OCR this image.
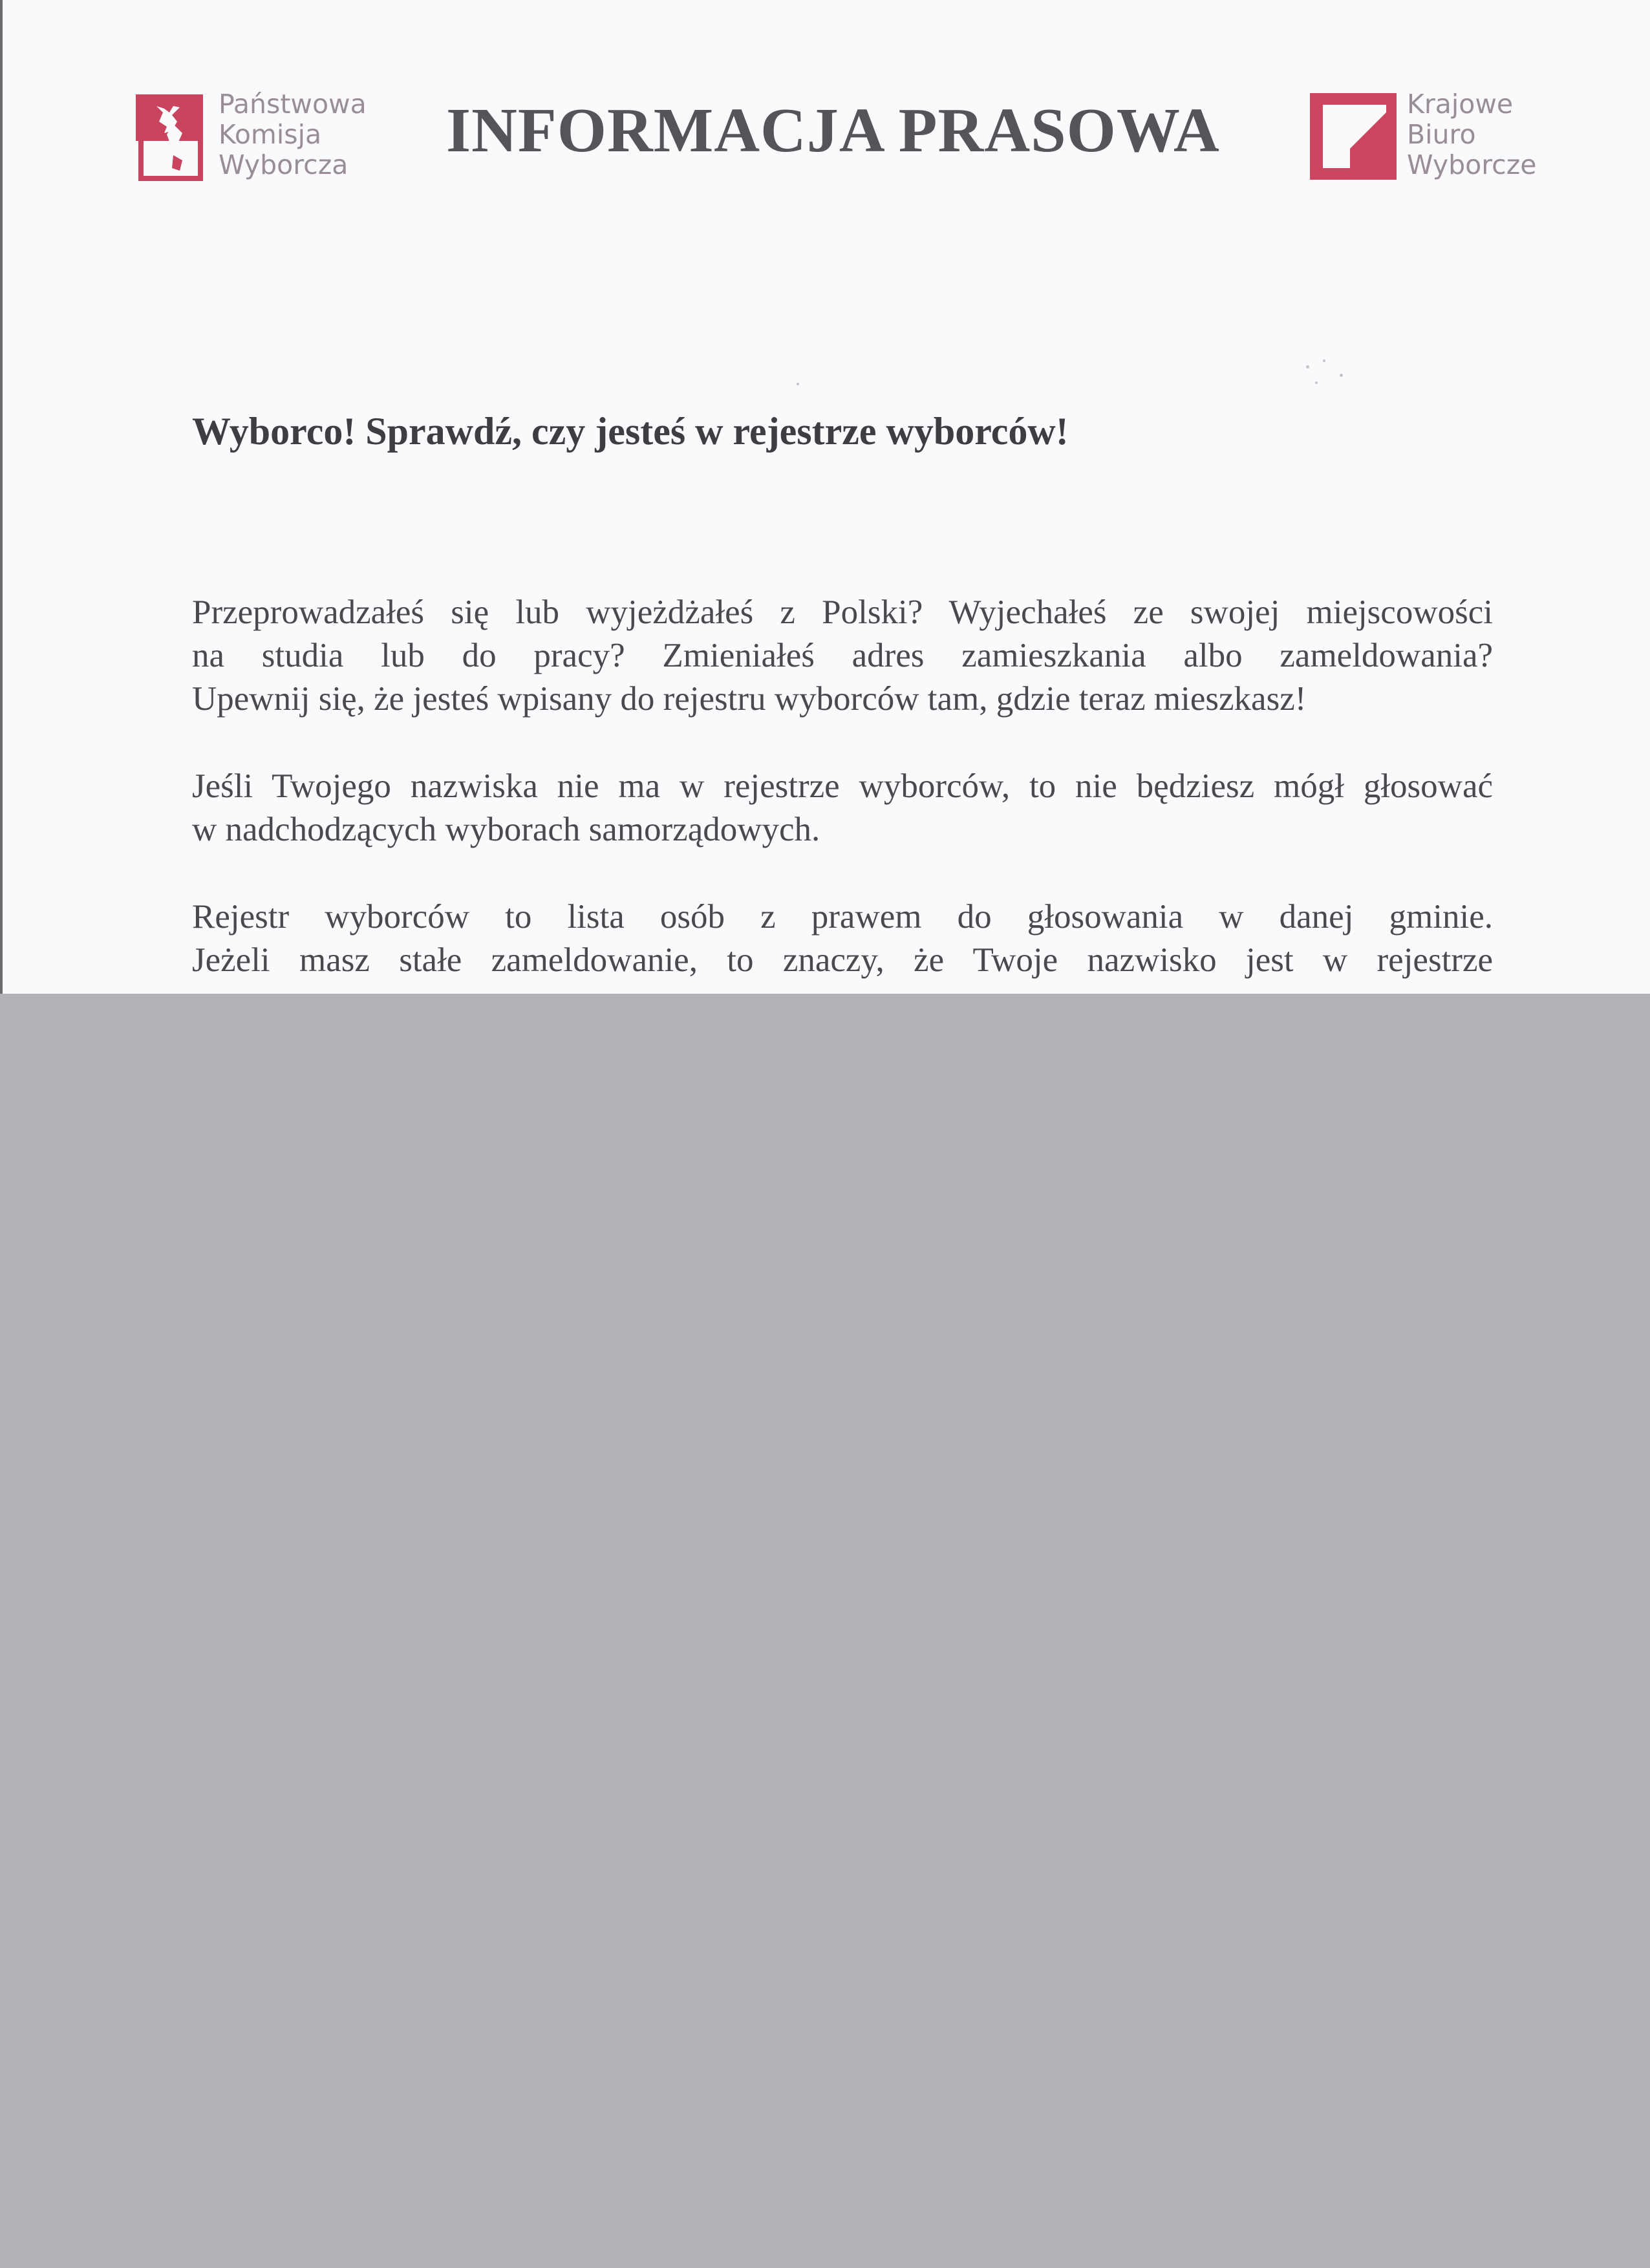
Państwowa
Komisja
Wyborcza INFORMACJA PRASOWA	Krajowe
Biuro
Wyborcze
Wyborco! Sprawdź, czy jesteś w rejestrze wyborców!
Przeprowadzałeś się lub wyjeżdżałeś z Polski? Wyjechałeś ze swojej miejscowości
na studia lub do pracy? Zmieniałeś adres zamieszkania albo zameldowania?
Upewnij się, że jesteś wpisany do rejestru wyborców tam, gdzie teraz mieszkasz!
Jeśli Twojego nazwiska nie ma w rejestrze wyborców, to nie będziesz mógł głosować
w nadchodzących wyborach samorządowych.
Rejestr wyborców to lista osób z prawem do głosowania w danej gminie.
Jeżeli masz stałe zameldowanie, to znaczy, że Twoje nazwisko jest w rejestrze
